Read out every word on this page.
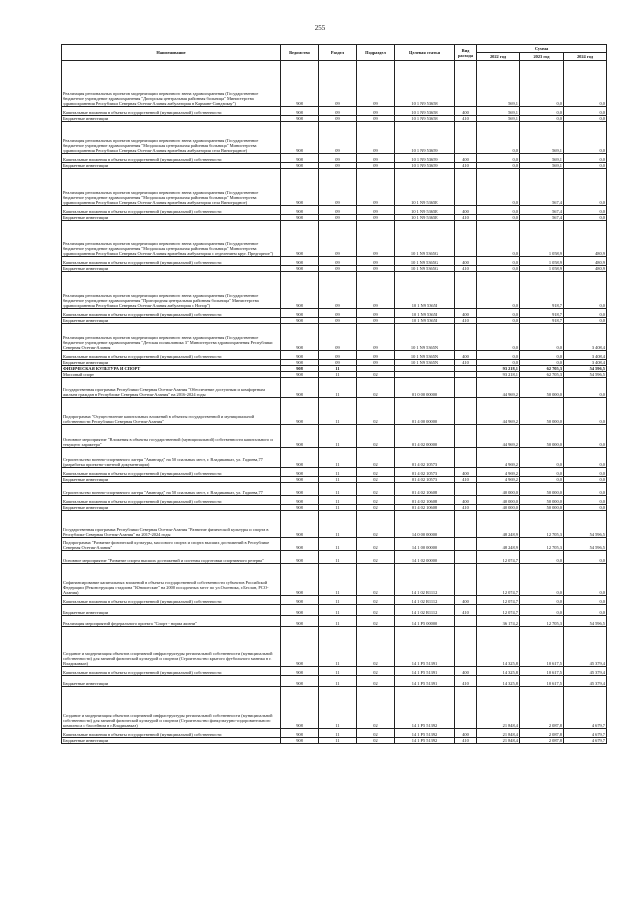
255
Наименование	Ведомство	Раздел	Подраздел	Целевая статья	Вид расхода	Сумма		
						2022 год	2023 год	2024 год
Реализация региональных проектов модернизации первичного звена здравоохранения (Государственное бюджетное учреждение здравоохранения "Дигорская центральная районная больница" Министерства здравоохранения Республики Северная Осетия-Алания амбулатория в Кармане-Синдзикау")	908	09	09	10 1 N9 53658		569,1	0,0	0,0
Капитальные вложения в объекты государственной (муниципальной) собственности	908	09	09	10 1 N9 53658	400	569,1	0,0	0,0
Бюджетные инвестиции	908	09	09	10 1 N9 53658	410	569,1	0,0	0,0
Реализация региональных проектов модернизации первичного звена здравоохранения (Государственное бюджетное учреждение здравоохранения "Моздокская центральная районная больница" Министерства здравоохранения Республики Северная Осетия-Алания врачебная амбулатория села Виноградное)	908	09	09	10 1 N9 53659		0,0	569,1	0,0
Капитальные вложения в объекты государственной (муниципальной) собственности	908	09	09	10 1 N9 53659	400	0,0	569,1	0,0
Бюджетные инвестиции	908	09	09	10 1 N9 53659	410	0,0	569,1	0,0
Реализация региональных проектов модернизации первичного звена здравоохранения (Государственное бюджетное учреждение здравоохранения "Моздокская центральная районная больница" Министерства здравоохранения Республики Северная Осетия-Алания врачебная амбулатория села Виноградное)	908	09	09	10 1 N9 5365Е		0,0	567,4	0,0
Капитальные вложения в объекты государственной (муниципальной) собственности	908	09	09	10 1 N9 5365Е	400	0,0	567,4	0,0
Бюджетные инвестиции	908	09	09	10 1 N9 5365Е	410	0,0	567,4	0,0
Реализация региональных проектов модернизации первичного звена здравоохранения (Государственное бюджетное учреждение здравоохранения "Моздокская центральная районная больница" Министерства здравоохранения Республики Северная Осетия-Алания врачебная амбулатория с отделением круг. Предгорное")	908	09	09	10 1 N9 5365G		0,0	1 058,9	480,9
Капитальные вложения в объекты государственной (муниципальной) собственности	908	09	09	10 1 N9 5365G	400	0,0	1 058,9	480,9
Бюджетные инвестиции	908	09	09	10 1 N9 5365G	410	0,0	1 058,9	480,9
Реализация региональных проектов модернизации первичного звена здравоохранения (Государственное бюджетное учреждение здравоохранения "Пригородная центральная районная больница" Министерства здравоохранения Республики Северная Осетия-Алания амбулатория с Ногир")	908	09	09	10 1 N9 5365I		0,0	918,7	0,0
Капитальные вложения в объекты государственной (муниципальной) собственности	908	09	09	10 1 N9 5365I	400	0,0	918,7	0,0
Бюджетные инвестиции	908	09	09	10 1 N9 5365I	410	0,0	918,7	0,0
Реализация региональных проектов модернизации первичного звена здравоохранения (Государственное бюджетное учреждение здравоохранения "Детская поликлиника 3" Министерства здравоохранения Республики Северная Осетия-Алания	908	09	09	10 1 N9 5365N		0,0	0,0	3 408,4
Капитальные вложения в объекты государственной (муниципальной) собственности	908	09	09	10 1 N9 5365N	400	0,0	0,0	3 408,4
Бюджетные инвестиции	908	09	09	10 1 N9 5365N	410	0,0	0,0	3 408,4
ФИЗИЧЕСКАЯ КУЛЬТУРА И СПОРТ	908	11				93 218,1	62 705,3	54 596,5
Массовый спорт	908	11	02			93 218,1	62 705,3	54 596,5
Государственная программа Республики Северная Осетия-Алания "Обеспечение доступным и комфортным жильем граждан в Республике Северная Осетия-Алания" на 2016-2024 годы	908	11	02	01 0 00 00000		44 969,2	50 000,0	0,0
Подпрограмма "Осуществление капитальных вложений в объекты государственной и муниципальной собственности Республики Северная Осетия-Алания"	908	11	02	01 4 00 00000		44 969,2	50 000,0	0,0
Основное мероприятие "Вложения в объекты государственной (муниципальной) собственности капитального и текущего характера"	908	11	02	01 4 02 00000		44 969,2	50 000,0	0,0
Строительство военно-спортивного лагеря "Авангард" на 50 спальных мест, г. Владикавказ, ул. Гадиева,77 (разработка проектно-сметной документации)	908	11	02	01 4 02 10573		4 969,2	0,0	0,0
Капитальные вложения в объекты государственной (муниципальной) собственности	908	11	02	01 4 02 10573	400	4 969,2	0,0	0,0
Бюджетные инвестиции	908	11	02	01 4 02 10573	410	4 969,2	0,0	0,0
Строительство военно-спортивного лагеря "Авангард" на 50 спальных мест, г. Владикавказ, ул. Гадиева,77	908	11	02	01 4 02 10608		40 000,0	50 000,0	0,0
Капитальные вложения в объекты государственной (муниципальной) собственности	908	11	02	01 4 02 10608	400	40 000,0	50 000,0	0,0
Бюджетные инвестиции	908	11	02	01 4 02 10608	410	40 000,0	50 000,0	0,0
Государственная программа Республики Северная Осетия-Алания "Развитие физической культуры и спорта в Республике Северная Осетия-Алания" на 2017-2024 годы	908	11	02	14 0 00 00000		48 248,9	12 705,3	54 596,5
Подпрограмма "Развитие физической культуры, массового спорта и спорта высших достижений в Республике Северная Осетия-Алания"	908	11	02	14 1 00 00000		48 248,9	12 705,3	54 596,5
Основное мероприятие "Развитие спорта высших достижений и системы подготовки спортивного резерва"	908	11	02	14 1 02 00000		12 074,7	0,0	0,0
Софинансирование капитальных вложений в объекты государственной собственности субъектов Российской Федерации (Реконструкция стадиона "Юношеские" на 2000 посадочных мест по ул.Охотника, г.Беслан, РСО-Алания)	908	11	02	14 1 02 R1112		12 074,7	0,0	0,0
Капитальные вложения в объекты государственной (муниципальной) собственности	908	11	02	14 1 02 R1112	400	12 074,7	0,0	0,0
Бюджетные инвестиции	908	11	02	14 1 02 R1112	410	12 074,7	0,0	0,0
Реализация мероприятий федерального проекта "Спорт - норма жизни"	908	11	02	14 1 P5 00000		36 174,2	12 705,3	54 596,5
Создание и модернизация объектов спортивной инфраструктуры региональной собственности (муниципальной собственности) для занятий физической культурой и спортом (Строительство крытого футбольного манежа в г. Владикавказ)	908	11	02	14 1 P5 51391		14 325,8	10 617,5	45 379,4
Капитальные вложения в объекты государственной (муниципальной) собственности	908	11	02	14 1 P5 51391	400	14 325,8	10 617,5	45 379,4
Бюджетные инвестиции	908	11	02	14 1 P5 51391	410	14 325,8	10 617,5	45 379,4
Создание и модернизация объектов спортивной инфраструктуры региональной собственности (муниципальной собственности) для занятий физической культурой и спортом (Строительство физкультурно-оздоровительного комплекса с бассейном в г.Владикавказ)	908	11	02	14 1 P5 51392		21 848,4	2 087,8	4 679,7
Капитальные вложения в объекты государственной (муниципальной) собственности	908	11	02	14 1 P5 51392	400	21 848,4	2 087,8	4 679,7
Бюджетные инвестиции	908	11	02	14 1 P5 51392	410	21 848,4	2 087,8	4 679,7
